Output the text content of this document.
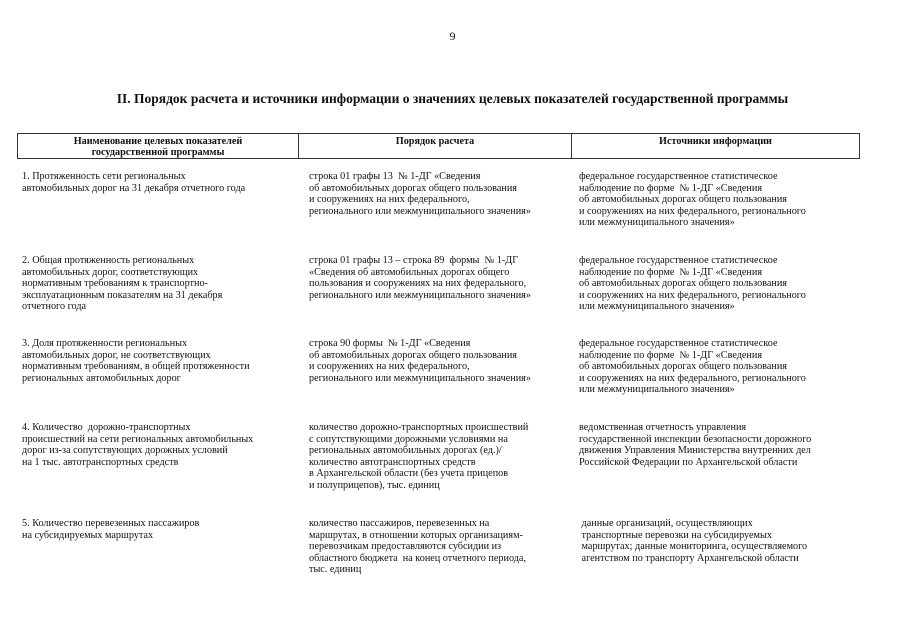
9
II. Порядок расчета и источники информации о значениях целевых показателей государственной программы
Наименование целевых показателей
государственной программы
Порядок расчета	Источники информации
1. Протяженность сети региональных
автомобильных дорог на 31 декабря отчетного года
строка 01 графы 13  № 1-ДГ «Сведения
об автомобильных дорогах общего пользования
и сооружениях на них федерального,
регионального или межмуниципального значения»
федеральное государственное статистическое
наблюдение по форме  № 1-ДГ «Сведения
об автомобильных дорогах общего пользования
и сооружениях на них федерального, регионального
или межмуниципального значения»
2. Общая протяженность региональных
автомобильных дорог, соответствующих
нормативным требованиям к транспортно-
эксплуатационным показателям на 31 декабря
отчетного года
строка 01 графы 13 – строка 89  формы  № 1-ДГ
«Сведения об автомобильных дорогах общего
пользования и сооружениях на них федерального,
регионального или межмуниципального значения»
федеральное государственное статистическое
наблюдение по форме  № 1-ДГ «Сведения
об автомобильных дорогах общего пользования
и сооружениях на них федерального, регионального
или межмуниципального значения»
3. Доля протяженности региональных
автомобильных дорог, не соответствующих
нормативным требованиям, в общей протяженности
региональных автомобильных дорог
строка 90 формы  № 1-ДГ «Сведения
об автомобильных дорогах общего пользования
и сооружениях на них федерального,
регионального или межмуниципального значения»
федеральное государственное статистическое
наблюдение по форме  № 1-ДГ «Сведения
об автомобильных дорогах общего пользования
и сооружениях на них федерального, регионального
или межмуниципального значения»
4. Количество  дорожно-транспортных
происшествий на сети региональных автомобильных
дорог из-за сопутствующих дорожных условий
на 1 тыс. автотранспортных средств
количество дорожно-транспортных происшествий
с сопутствующими дорожными условиями на
региональных автомобильных дорогах (ед.)/
количество автотранспортных средств
в Архангельской области (без учета прицепов
и полуприцепов), тыс. единиц
ведомственная отчетность управления
государственной инспекции безопасности дорожного
движения Управления Министерства внутренних дел
Российской Федерации по Архангельской области
5. Количество перевезенных пассажиров
на субсидируемых маршрутах
количество пассажиров, перевезенных на
маршрутах, в отношении которых организациям-
перевозчикам предоставляются субсидии из
областного бюджета  на конец отчетного периода,
тыс. единиц
данные организаций, осуществляющих
транспортные перевозки на субсидируемых
маршрутах; данные мониторинга, осуществляемого
агентством по транспорту Архангельской области
